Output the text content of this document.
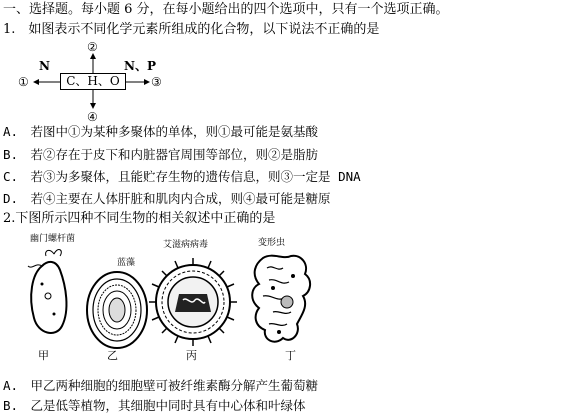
一、选择题。每小题 6 分，在每小题给出的四个选项中，只有一个选项正确。
1.　如图表示不同化学元素所组成的化合物，以下说法不正确的是
C、H、O
②
N
①
N、P
③
④
A.　若图中①为某种多聚体的单体，则①最可能是氨基酸
B.　若②存在于皮下和内脏器官周围等部位，则②是脂肪
C.　若③为多聚体，且能贮存生物的遗传信息，则③一定是 DNA
D.　若④主要在人体肝脏和肌肉内合成，则④最可能是糖原
2.下图所示四种不同生物的相关叙述中正确的是
幽门螺杆菌
甲
蓝藻
乙
艾滋病病毒
丙
变形虫
丁
A.　甲乙两种细胞的细胞壁可被纤维素酶分解产生葡萄糖
B.　乙是低等植物，其细胞中同时具有中心体和叶绿体
